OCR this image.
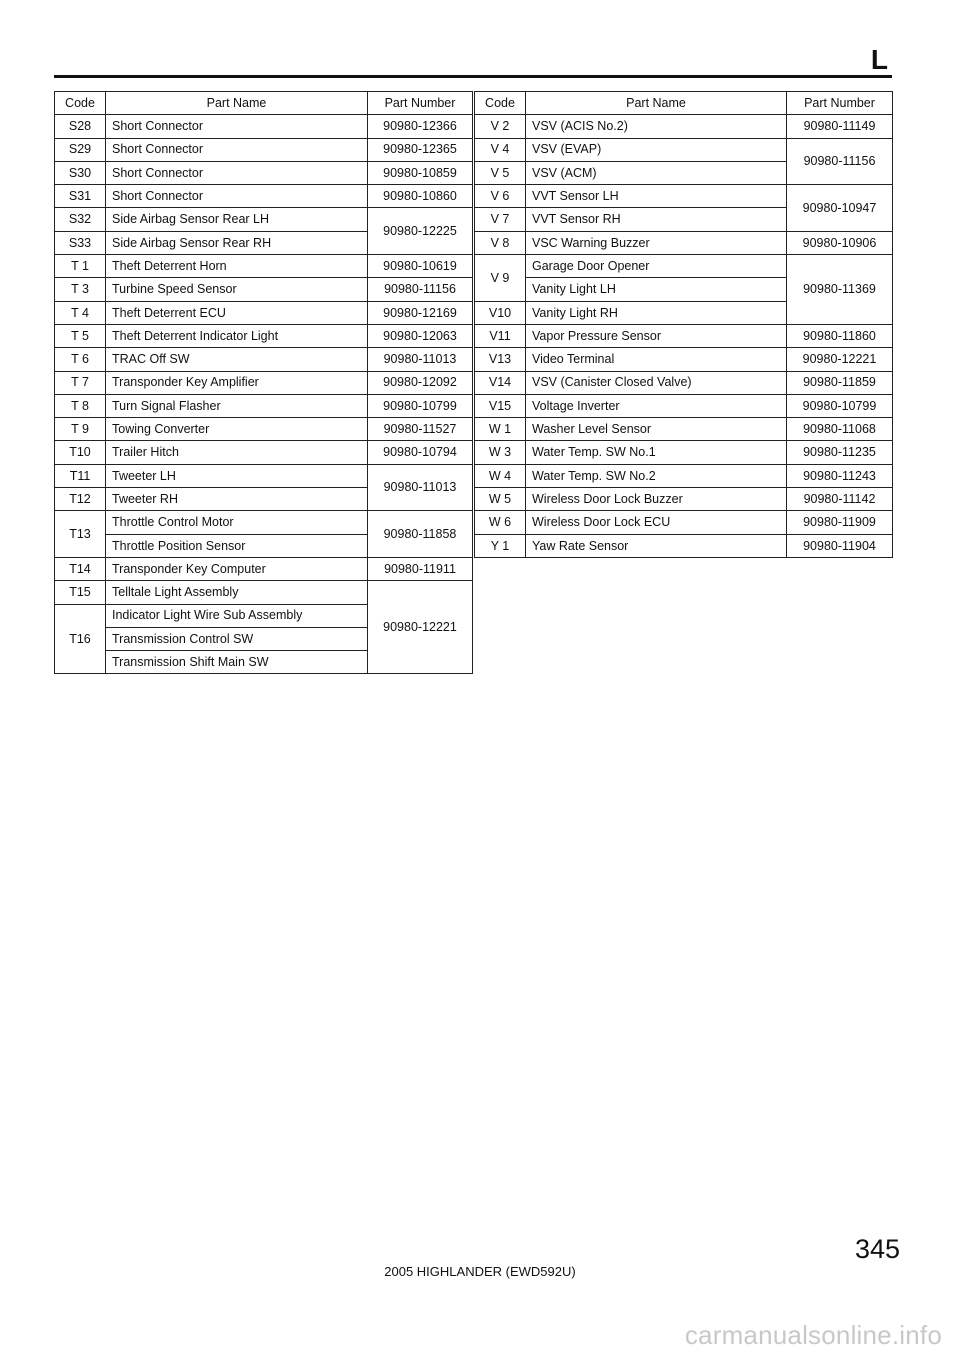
L
Code	Part Name	Part Number
S28	Short Connector	90980-12366
S29	Short Connector	90980-12365
S30	Short Connector	90980-10859
S31	Short Connector	90980-10860
S32	Side Airbag Sensor Rear LH	90980-12225
S33	Side Airbag Sensor Rear RH	
T 1	Theft Deterrent Horn	90980-10619
T 3	Turbine Speed Sensor	90980-11156
T 4	Theft Deterrent ECU	90980-12169
T 5	Theft Deterrent Indicator Light	90980-12063
T 6	TRAC Off SW	90980-11013
T 7	Transponder Key Amplifier	90980-12092
T 8	Turn Signal Flasher	90980-10799
T 9	Towing Converter	90980-11527
T10	Trailer Hitch	90980-10794
T11	Tweeter LH	90980-11013
T12	Tweeter RH	
T13	Throttle Control Motor	90980-11858
	Throttle Position Sensor	
T14	Transponder Key Computer	90980-11911
T15	Telltale Light Assembly	90980-12221
T16	Indicator Light Wire Sub Assembly	
	Transmission Control SW	
	Transmission Shift Main SW	
Code	Part Name	Part Number
V 2	VSV (ACIS No.2)	90980-11149
V 4	VSV (EVAP)	90980-11156
V 5	VSV (ACM)	
V 6	VVT Sensor LH	90980-10947
V 7	VVT Sensor RH	
V 8	VSC Warning Buzzer	90980-10906
V 9	Garage Door Opener	90980-11369
	Vanity Light LH	
V10	Vanity Light RH	
V11	Vapor Pressure Sensor	90980-11860
V13	Video Terminal	90980-12221
V14	VSV (Canister Closed Valve)	90980-11859
V15	Voltage Inverter	90980-10799
W 1	Washer Level Sensor	90980-11068
W 3	Water Temp. SW No.1	90980-11235
W 4	Water Temp. SW No.2	90980-11243
W 5	Wireless Door Lock Buzzer	90980-11142
W 6	Wireless Door Lock ECU	90980-11909
Y 1	Yaw Rate Sensor	90980-11904
345
2005 HIGHLANDER (EWD592U)
carmanualsonline.info
